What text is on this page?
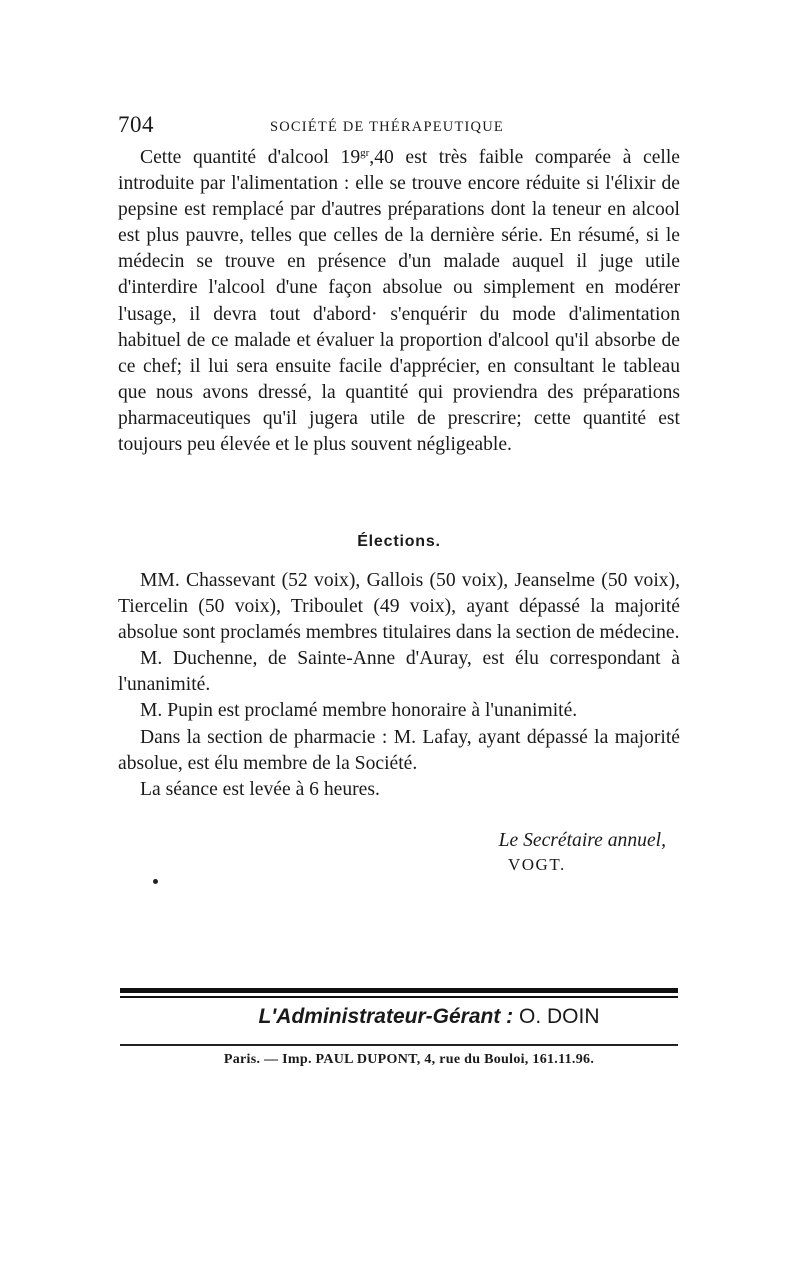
704	SOCIÉTÉ DE THÉRAPEUTIQUE

Cette quantité d'alcool $19^{gr},40$ est très faible comparée à celle introduite par l'alimentation : elle se trouve encore réduite si l'élixir de pepsine est remplacé par d'autres préparations dont la teneur en alcool est plus pauvre, telles que celles de la dernière série. En résumé, si le médecin se trouve en présence d'un malade auquel il juge utile d'interdire l'alcool d'une façon absolue ou simplement en modérer l'usage, il devra tout d'abord· s'enquérir du mode d'alimentation habituel de ce malade et évaluer la proportion d'alcool qu'il absorbe de ce chef; il lui sera ensuite facile d'apprécier, en consultant le tableau que nous avons dressé, la quantité qui proviendra des préparations pharmaceutiques qu'il jugera utile de prescrire; cette quantité est toujours peu élevée et le plus souvent négligeable.

Élections.

MM. Chassevant (52 voix), Gallois (50 voix), Jeanselme (50 voix), Tiercelin (50 voix), Triboulet (49 voix), ayant dépassé la majorité absolue sont proclamés membres titulaires dans la section de médecine.

M. Duchenne, de Sainte-Anne d'Auray, est élu correspondant à l'unanimité.

M. Pupin est proclamé membre honoraire à l'unanimité.

Dans la section de pharmacie : M. Lafay, ayant dépassé la majorité absolue, est élu membre de la Société.

La séance est levée à 6 heures.

Le Secrétaire annuel,
VOGT.
L'Administrateur-Gérant : O. DOIN
Paris. — Imp. PAUL DUPONT, 4, rue du Bouloi, 161.11.96.
